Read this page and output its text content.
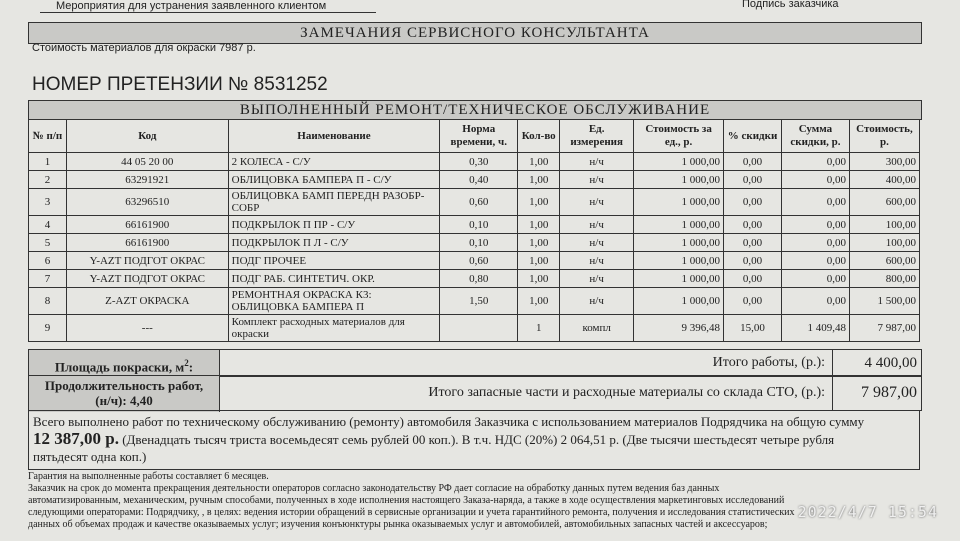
Мероприятия для устранения заявленного клиентом	Подпись заказчика
ЗАМЕЧАНИЯ СЕРВИСНОГО КОНСУЛЬТАНТА
Стоимость материалов для окраски 7987 р.
НОМЕР ПРЕТЕНЗИИ № 8531252
ВЫПОЛНЕННЫЙ РЕМОНТ/ТЕХНИЧЕСКОЕ ОБСЛУЖИВАНИЕ
№ п/п	Код	Наименование	Норма времени, ч.	Кол-во	Ед. измерения	Стоимость за ед., р.	% скидки	Сумма скидки, р.	Стоимость, р.
1	44 05 20 00	2 КОЛЕСА - С/У	0,30	1,00	н/ч	1 000,00	0,00	0,00	300,00
2	63291921	ОБЛИЦОВКА БАМПЕРА П - С/У	0,40	1,00	н/ч	1 000,00	0,00	0,00	400,00
3	63296510	ОБЛИЦОВКА БАМП ПЕРЕДН РАЗОБР-СОБР	0,60	1,00	н/ч	1 000,00	0,00	0,00	600,00
4	66161900	ПОДКРЫЛОК П ПР - С/У	0,10	1,00	н/ч	1 000,00	0,00	0,00	100,00
5	66161900	ПОДКРЫЛОК П Л - С/У	0,10	1,00	н/ч	1 000,00	0,00	0,00	100,00
6	Y-AZT ПОДГОТ ОКРАС	ПОДГ ПРОЧЕЕ	0,60	1,00	н/ч	1 000,00	0,00	0,00	600,00
7	Y-AZT ПОДГОТ ОКРАС	ПОДГ РАБ. СИНТЕТИЧ. ОКР.	0,80	1,00	н/ч	1 000,00	0,00	0,00	800,00
8	Z-AZT ОКРАСКА	РЕМОНТНАЯ ОКРАСКА К3: ОБЛИЦОВКА БАМПЕРА П	1,50	1,00	н/ч	1 000,00	0,00	0,00	1 500,00
9	---	Комплект расходных материалов для окраски		1	компл	9 396,48	15,00	1 409,48	7 987,00
Площадь покраски, $м^2$:	Итого работы, (р.):	4 400,00
Продолжительность работ,
(н/ч): 4,40
Итого запасные части и расходные материалы со склада СТО, (р.):	7 987,00
Всего выполнено работ по техническому обслуживанию (ремонту) автомобиля Заказчика с использованием материалов Подрядчика на общую сумму
12 387,00 р. (Двенадцать тысяч триста восемьдесят семь рублей 00 коп.). В т.ч. НДС (20%) 2 064,51 р. (Две тысячи шестьдесят четыре рубля
пятьдесят одна коп.)
Гарантия на выполненные работы составляет 6 месяцев.
Заказчик на срок до момента прекращения деятельности операторов согласно законодательству РФ дает согласие на обработку данных путем ведения баз данных
автоматизированным, механическим, ручным способами, полученных в ходе исполнения настоящего Заказа-наряда, а также в ходе осуществления маркетинговых исследований
следующими операторами: Подрядчику, , в целях: ведения истории обращений в сервисные организации и учета гарантийного ремонта, получения и исследования статистических
данных об объемах продаж и качестве оказываемых услуг; изучения конъюнктуры рынка оказываемых услуг и автомобилей, автомобильных запасных частей и аксессуаров;
2022/4/7 15:54
